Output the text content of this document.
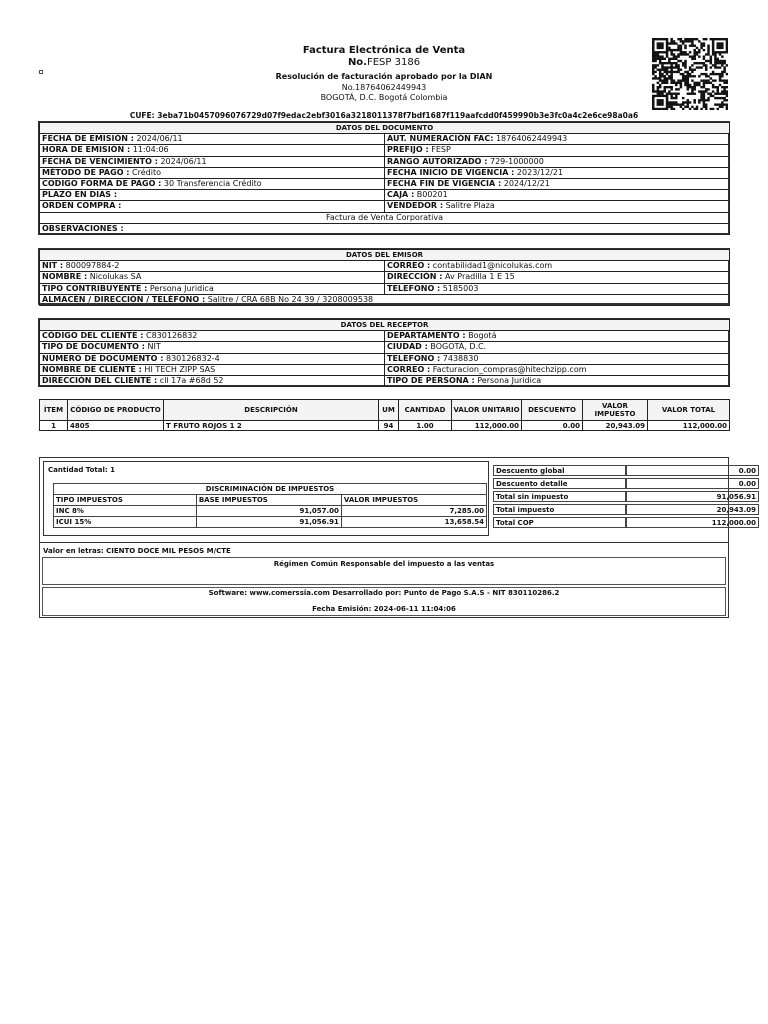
Factura Electrónica de Venta
No.FESP 3186
Resolución de facturación aprobado por la DIAN
No.18764062449943
BOGOTÁ, D.C. Bogotá Colombia
CUFE: 3eba71b0457096076729d07f9edac2ebf3016a3218011378f7bdf1687f119aafcdd0f459990b3e3fc0a4c2e6ce98a0a6
DATOS DEL DOCUMENTO	
FECHA DE EMISIÓN : 2024/06/11	AUT. NUMERACIÓN FAC: 18764062449943
HORA DE EMISIÓN : 11:04:06	PREFIJO : FESP
FECHA DE VENCIMIENTO : 2024/06/11	RANGO AUTORIZADO : 729-1000000
MÉTODO DE PAGO : Crédito	FECHA INICIO DE VIGENCIA : 2023/12/21
CODIGO FORMA DE PAGO : 30 Transferencia Crédito	FECHA FIN DE VIGENCIA : 2024/12/21
PLAZO EN DIAS :	CAJA : B00201
ORDEN COMPRA :	VENDEDOR : Salitre Plaza
Factura de Venta Corporativa	
OBSERVACIONES :	
DATOS DEL EMISOR	
NIT : 800097884-2	CORREO : contabilidad1@nicolukas.com
NOMBRE : Nicolukas SA	DIRECCIÓN : Av Pradilla 1 E 15
TIPO CONTRIBUYENTE : Persona Juridica	TELEFONO : 5185003
ALMACÉN / DIRECCIÓN / TELÉFONO : Salitre / CRA 68B No 24 39 / 3208009538	
DATOS DEL RECEPTOR	
CÓDIGO DEL CLIENTE : C830126832	DEPARTAMENTO : Bogotá
TIPO DE DOCUMENTO : NIT	CIUDAD : BOGOTÁ, D.C.
NÚMERO DE DOCUMENTO : 830126832-4	TELEFONO : 7438830
NOMBRE DE CLIENTE : HI TECH ZIPP SAS	CORREO : Facturacion_compras@hitechzipp.com
DIRECCIÓN DEL CLIENTE : cll 17a #68d 52	TIPO DE PERSONA : Persona Juridica
ÍTEM	CÓDIGO DE PRODUCTO	DESCRIPCIÓN	UM	CANTIDAD	VALOR UNITARIO	DESCUENTO	VALOR IMPUESTO	VALOR TOTAL
1	4805	T FRUTO ROJOS 1 2	94	1.00	112,000.00	0.00	20,943.09	112,000.00
Cantidad Total: 1
DISCRIMINACIÓN DE IMPUESTOS		
TIPO IMPUESTOS	BASE IMPUESTOS	VALOR IMPUESTOS
INC 8%	91,057.00	7,285.00
ICUI 15%	91,056.91	13,658.54
Descuento global	0.00
Descuento detalle	0.00
Total sin impuesto	91,056.91
Total impuesto	20,943.09
Total COP	112,000.00
Valor en letras: CIENTO DOCE MIL PESOS M/CTE
Régimen Común Responsable del impuesto a las ventas
Software: www.comerssia.com Desarrollado por: Punto de Pago S.A.S - NIT 830110286.2
Fecha Emisión: 2024-06-11 11:04:06
